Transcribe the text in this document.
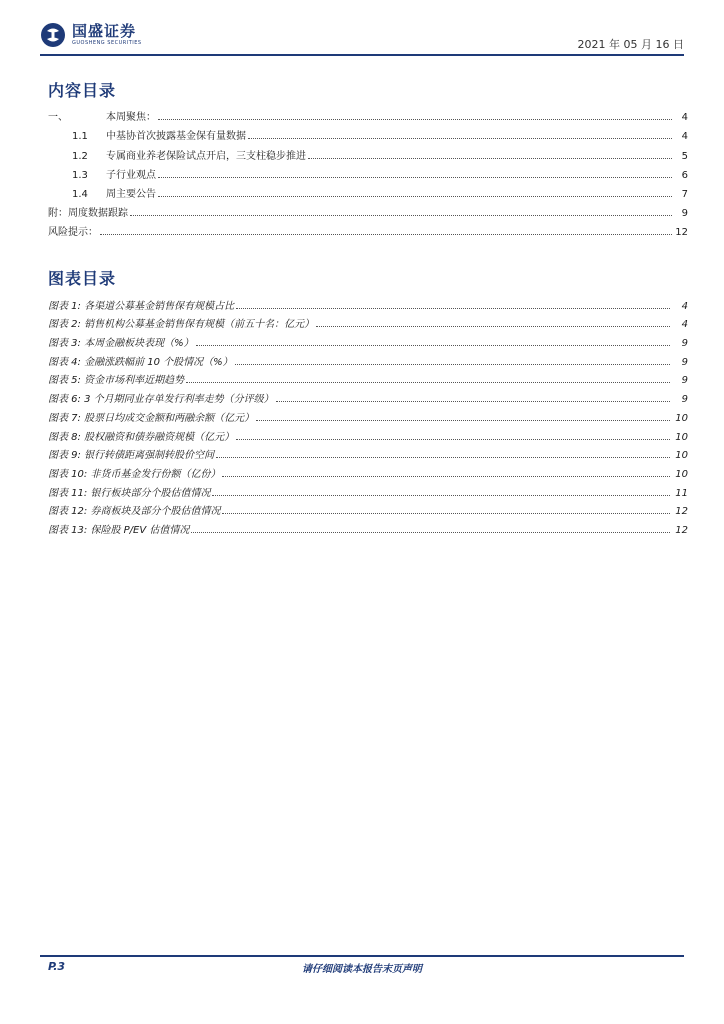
国盛证券
GUOSHENG SECURITIES	2021 年 05 月 16 日
内容目录
一、	本周聚焦：	4
1.1	中基协首次披露基金保有量数据	4
1.2	专属商业养老保险试点开启，三支柱稳步推进	5
1.3	子行业观点	6
1.4	周主要公告	7
附：周度数据跟踪	9
风险提示：	12
图表目录
图表 1: 各渠道公募基金销售保有规模占比	4
图表 2: 销售机构公募基金销售保有规模（前五十名：亿元）	4
图表 3: 本周金融板块表现（%）	9
图表 4: 金融涨跌幅前 10 个股情况（%）	9
图表 5: 资金市场利率近期趋势	9
图表 6: 3 个月期同业存单发行利率走势（分评级）	9
图表 7: 股票日均成交金额和两融余额（亿元）	10
图表 8: 股权融资和债券融资规模（亿元）	10
图表 9: 银行转债距离强制转股价空间	10
图表 10: 非货币基金发行份额（亿份）	10
图表 11: 银行板块部分个股估值情况	11
图表 12: 券商板块及部分个股估值情况	12
图表 13: 保险股 P/EV 估值情况	12
P.3	请仔细阅读本报告末页声明
